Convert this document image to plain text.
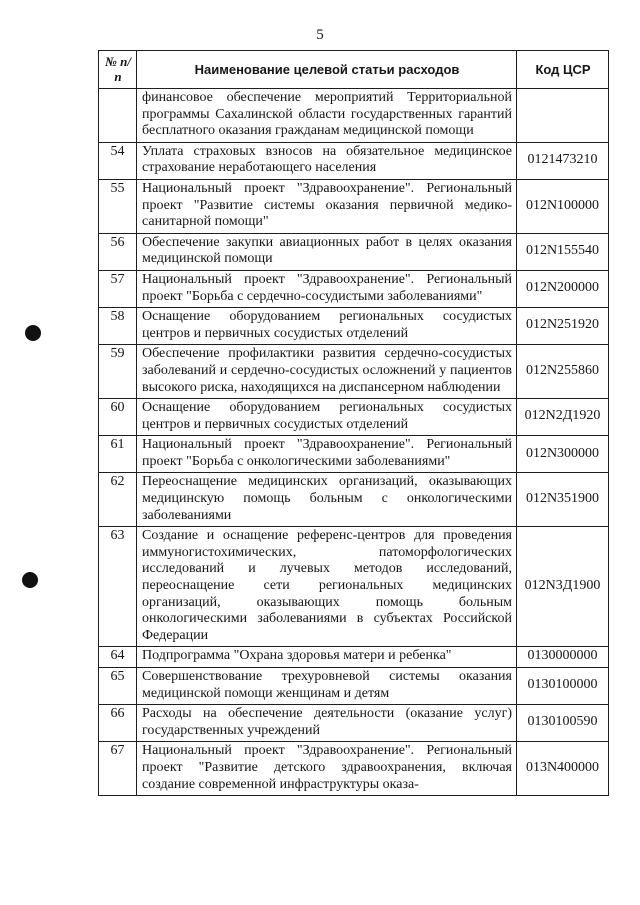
5
№ п/п	Наименование целевой статьи расходов	Код ЦСР
	финансовое обеспечение мероприятий Территориальной программы Сахалинской области государственных гарантий бесплатного оказания гражданам медицинской помощи	
54	Уплата страховых взносов на обязательное медицинское страхование неработающего населения	0121473210
55	Национальный проект "Здравоохранение". Региональный проект "Развитие системы оказания первичной медико-санитарной помощи"	012N100000
56	Обеспечение закупки авиационных работ в целях оказания медицинской помощи	012N155540
57	Национальный проект "Здравоохранение". Региональный проект "Борьба с сердечно-сосудистыми заболеваниями"	012N200000
58	Оснащение оборудованием региональных сосудистых центров и первичных сосудистых отделений	012N251920
59	Обеспечение профилактики развития сердечно-сосудистых заболеваний и сердечно-сосудистых осложнений у пациентов высокого риска, находящихся на диспансерном наблюдении	012N255860
60	Оснащение оборудованием региональных сосудистых центров и первичных сосудистых отделений	012N2Д1920
61	Национальный проект "Здравоохранение". Региональный проект "Борьба с онкологическими заболеваниями"	012N300000
62	Переоснащение медицинских организаций, оказывающих медицинскую помощь больным с онкологическими заболеваниями	012N351900
63	Создание и оснащение референс-центров для проведения иммуногистохимических, патоморфологических исследований и лучевых методов исследований, переоснащение сети региональных медицинских организаций, оказывающих помощь больным онкологическими заболеваниями в субъектах Российской Федерации	012N3Д1900
64	Подпрограмма "Охрана здоровья матери и ребенка"	0130000000
65	Совершенствование трехуровневой системы оказания медицинской помощи женщинам и детям	0130100000
66	Расходы на обеспечение деятельности (оказание услуг) государственных учреждений	0130100590
67	Национальный проект "Здравоохранение". Региональный проект "Развитие детского здравоохранения, включая создание современной инфраструктуры оказа-	013N400000
